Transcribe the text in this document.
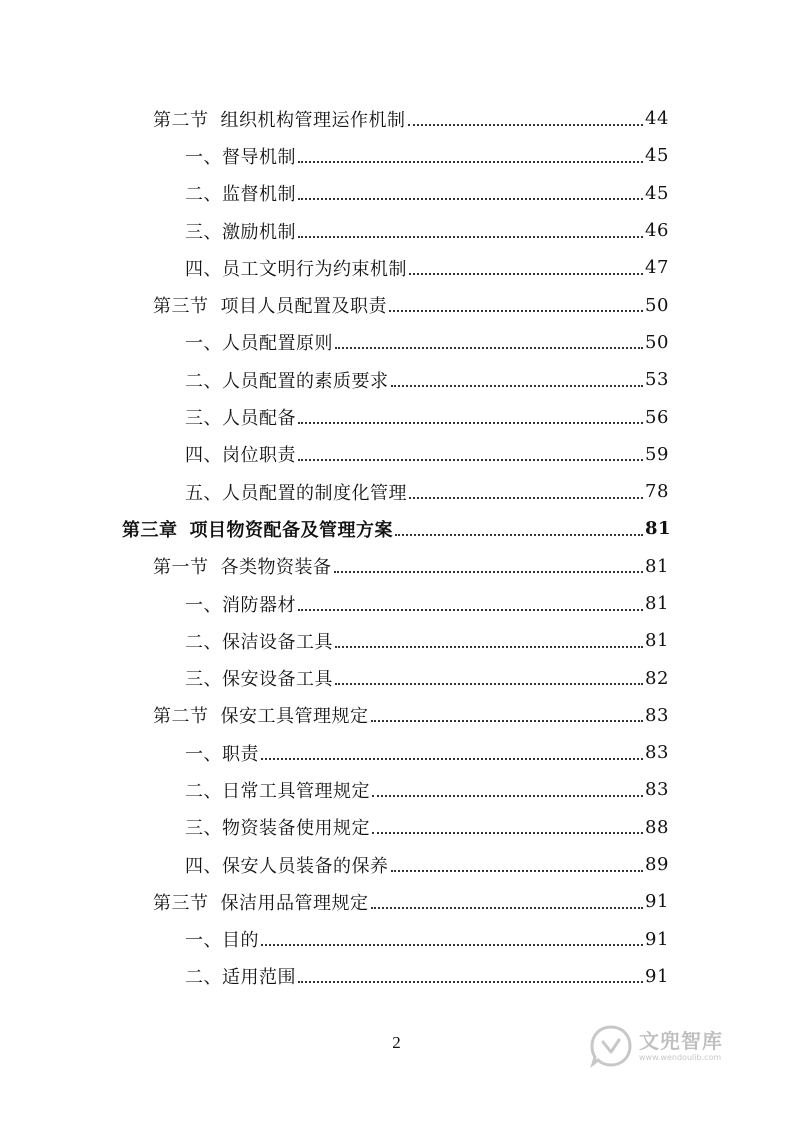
第二节 组织机构管理运作机制	44
一、督导机制	45
二、监督机制	45
三、激励机制	46
四、员工文明行为约束机制	47
第三节 项目人员配置及职责	50
一、人员配置原则	50
二、人员配置的素质要求	53
三、人员配备	56
四、岗位职责	59
五、人员配置的制度化管理	78
第三章 项目物资配备及管理方案	81
第一节 各类物资装备	81
一、消防器材	81
二、保洁设备工具	81
三、保安设备工具	82
第二节 保安工具管理规定	83
一、职责	83
二、日常工具管理规定	83
三、物资装备使用规定	88
四、保安人员装备的保养	89
第三节 保洁用品管理规定	91
一、目的	91
二、适用范围	91
2	文兜智库
www.wendoulib.com
